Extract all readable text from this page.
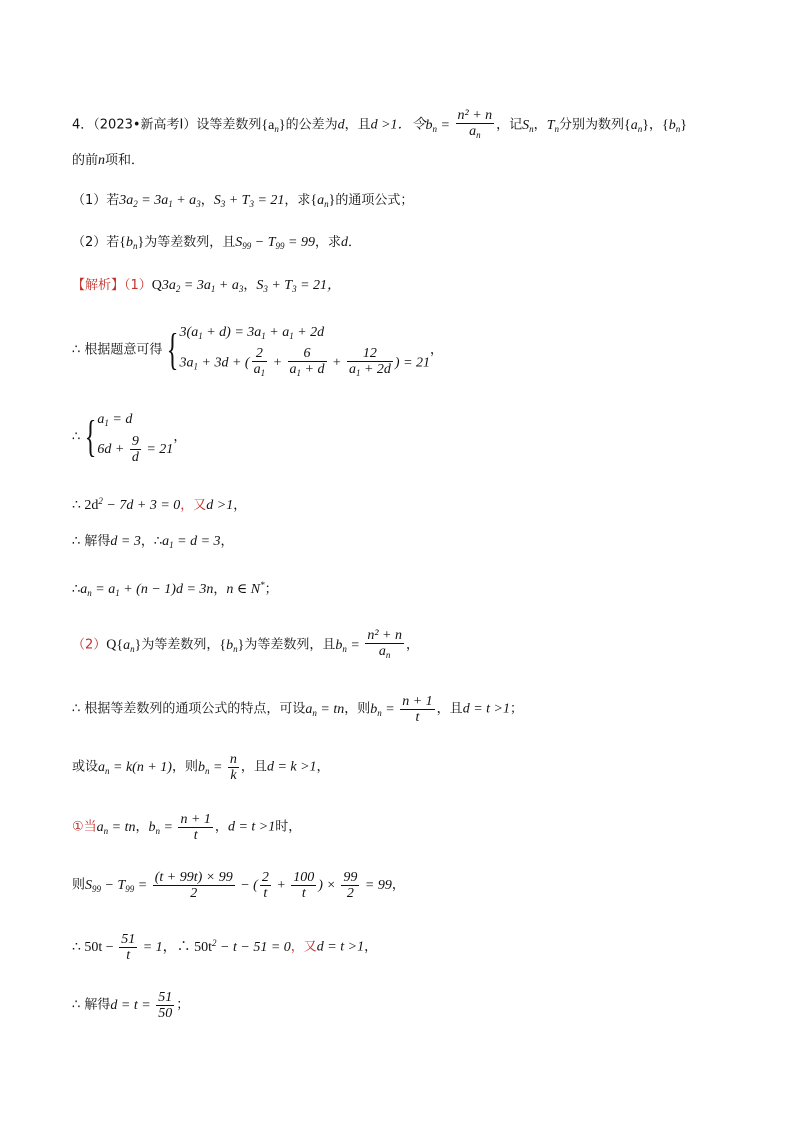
4．（2023•新高考Ⅰ）设等差数列$\{a_n\}$的公差为d，且d >1．令$b_n = \frac{\text{n² + n}}{a_n}$ ，记$S_n$，$T_n$分别为数列$\{a_n\}$，$\{b_n\}$
的前n项和．
（1）若$3a_2 = 3a_1 + a_3$，$S_3 + T_3 = 21$，求$\{a_n\}$的通项公式；
（2）若$\{b_n\}$为等差数列，且$S_{99} - T_{99} = 99$，求d．
【解析】$(1)Q3a_2 = 3a_1 + a_3$，$S_3 + T_3 = 21$，
∴ 根据题意可得 { $3(a_1 + d) = 3a_1 + a_1 + 2d$
$3a_1 + 3d$ + ( $\frac{2}{a_1} + \frac{6}{a_1 + d} + \frac{12}{a_1 + 2d}$ ) = 21
，
∴ { $a_1 = d$
$6d + \frac{9}{d} = 21$
，
∴ $2d^2 - 7d + 3 = 0$，又d >1，
∴ 解得d = 3，$\therefore a_1 = d = 3$，
$\therefore a_n = a_1 + (n - 1)d = 3n$，n ∈ N*；
$(2)Q\{a_n\}$为等差数列，$\{b_n\}$为等差数列，且$b_n = \frac{\text{n² + n}}{a_n}$ ，
∴ 根据等差数列的通项公式的特点，可设$a_n$ = tn，则$b_n = \frac{n + 1}{t}$ ，且d = t >1；
或设$a_n = k(n + 1)$，则$b_n = \frac{n}{k}$ ，且d = k >1，
①当$a_n$ = tn，$b_n = \frac{n + 1}{t}$ ，d = t >1时，
则$S_{99} - T_{99} = \frac{(t + 99t) \times 99}{2}$ − ( $\frac{2}{t} + \frac{100}{t}$ ) × $\frac{99}{2} = 99$，
∴ $50t - \frac{51}{t} = 1$，∴ $50t^2 - t - 51 = 0$，又d = t >1，
∴ 解得$d = t = \frac{51}{50}$ ；
